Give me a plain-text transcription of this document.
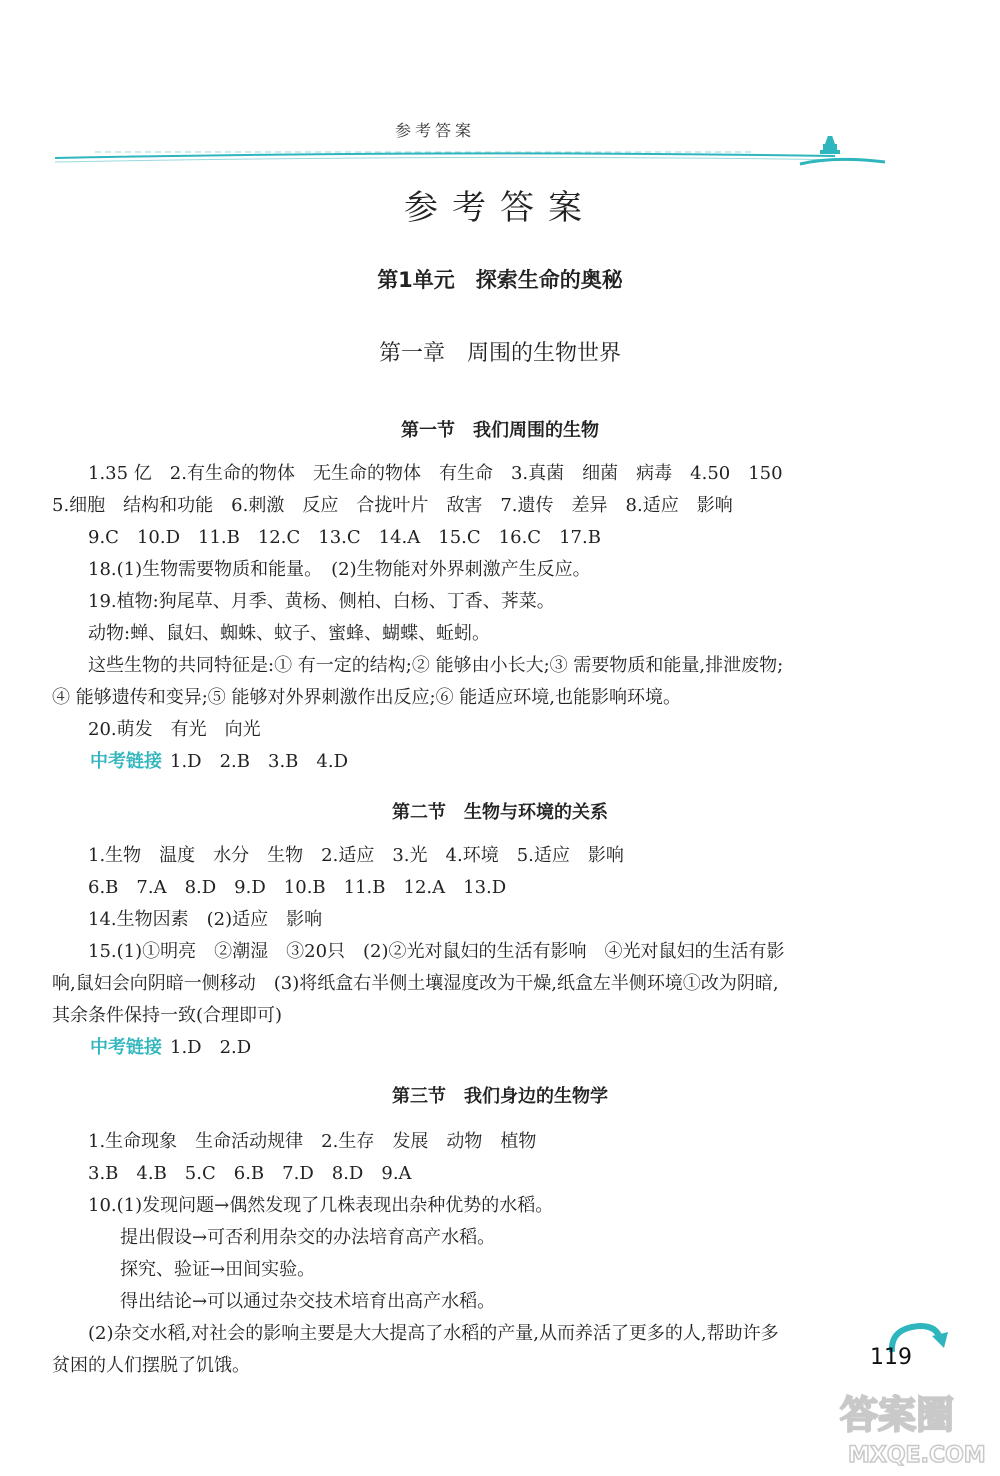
参考答案
参考答案
第1单元　探索生命的奥秘
第一章　周围的生物世界
第一节　我们周围的生物
1.35 亿　2.有生命的物体　无生命的物体　有生命　3.真菌　细菌　病毒　4.50　150
5.细胞　结构和功能　6.刺激　反应　合拢叶片　敌害　7.遗传　差异　8.适应　影响
9.C　10.D　11.B　12.C　13.C　14.A　15.C　16.C　17.B
18.(1)生物需要物质和能量。　(2)生物能对外界刺激产生反应。
19.植物:狗尾草、月季、黄杨、侧柏、白杨、丁香、荠菜。
动物:蝉、鼠妇、蜘蛛、蚊子、蜜蜂、蝴蝶、蚯蚓。
这些生物的共同特征是:① 有一定的结构;② 能够由小长大;③ 需要物质和能量,排泄废物;
④ 能够遗传和变异;⑤ 能够对外界刺激作出反应;⑥ 能适应环境,也能影响环境。
20.萌发　有光　向光
中考链接 1.D　2.B　3.B　4.D
第二节　生物与环境的关系
1.生物　温度　水分　生物　2.适应　3.光　4.环境　5.适应　影响
6.B　7.A　8.D　9.D　10.B　11.B　12.A　13.D
14.生物因素　(2)适应　影响
15.(1)①明亮　②潮湿　③20只　(2)②光对鼠妇的生活有影响　④光对鼠妇的生活有影
响,鼠妇会向阴暗一侧移动　(3)将纸盒右半侧土壤湿度改为干燥,纸盒左半侧环境①改为阴暗,
其余条件保持一致(合理即可)
中考链接 1.D　2.D
第三节　我们身边的生物学
1.生命现象　生命活动规律　2.生存　发展　动物　植物
3.B　4.B　5.C　6.B　7.D　8.D　9.A
10.(1)发现问题→偶然发现了几株表现出杂种优势的水稻。
提出假设→可否利用杂交的办法培育高产水稻。
探究、验证→田间实验。
得出结论→可以通过杂交技术培育出高产水稻。
(2)杂交水稻,对社会的影响主要是大大提高了水稻的产量,从而养活了更多的人,帮助许多
贫困的人们摆脱了饥饿。	119
答案圈
MXQE.COM
